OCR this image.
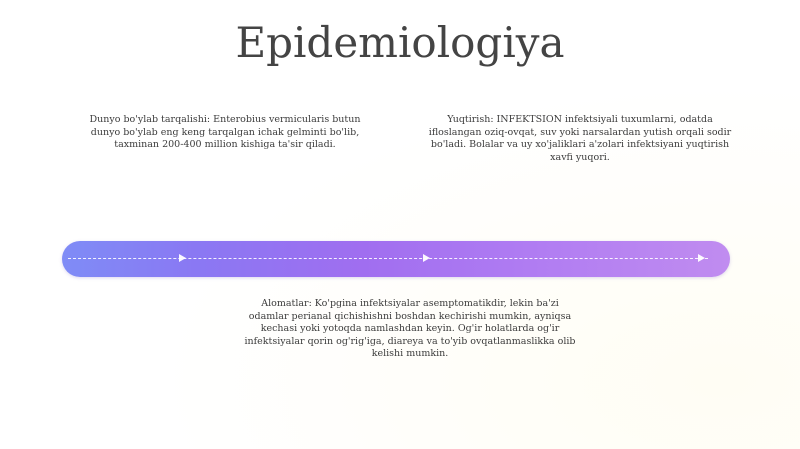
Epidemiologiya
Dunyo bo'ylab tarqalishi: Enterobius vermicularis butun dunyo bo'ylab eng keng tarqalgan ichak gelminti bo'lib, taxminan 200-400 million kishiga ta'sir qiladi.
Yuqtirish: INFEKTSION infektsiyali tuxumlarni, odatda ifloslangan oziq-ovqat, suv yoki narsalardan yutish orqali sodir bo'ladi. Bolalar va uy xo'jaliklari a'zolari infektsiyani yuqtirish xavfi yuqori.
Alomatlar: Ko'pgina infektsiyalar asemptomatikdir, lekin ba'zi odamlar perianal qichishishni boshdan kechirishi mumkin, ayniqsa kechasi yoki yotoqda namlashdan keyin. Og'ir holatlarda og'ir infektsiyalar qorin og'rig'iga, diareya va to'yib ovqatlanmaslikka olib kelishi mumkin.
